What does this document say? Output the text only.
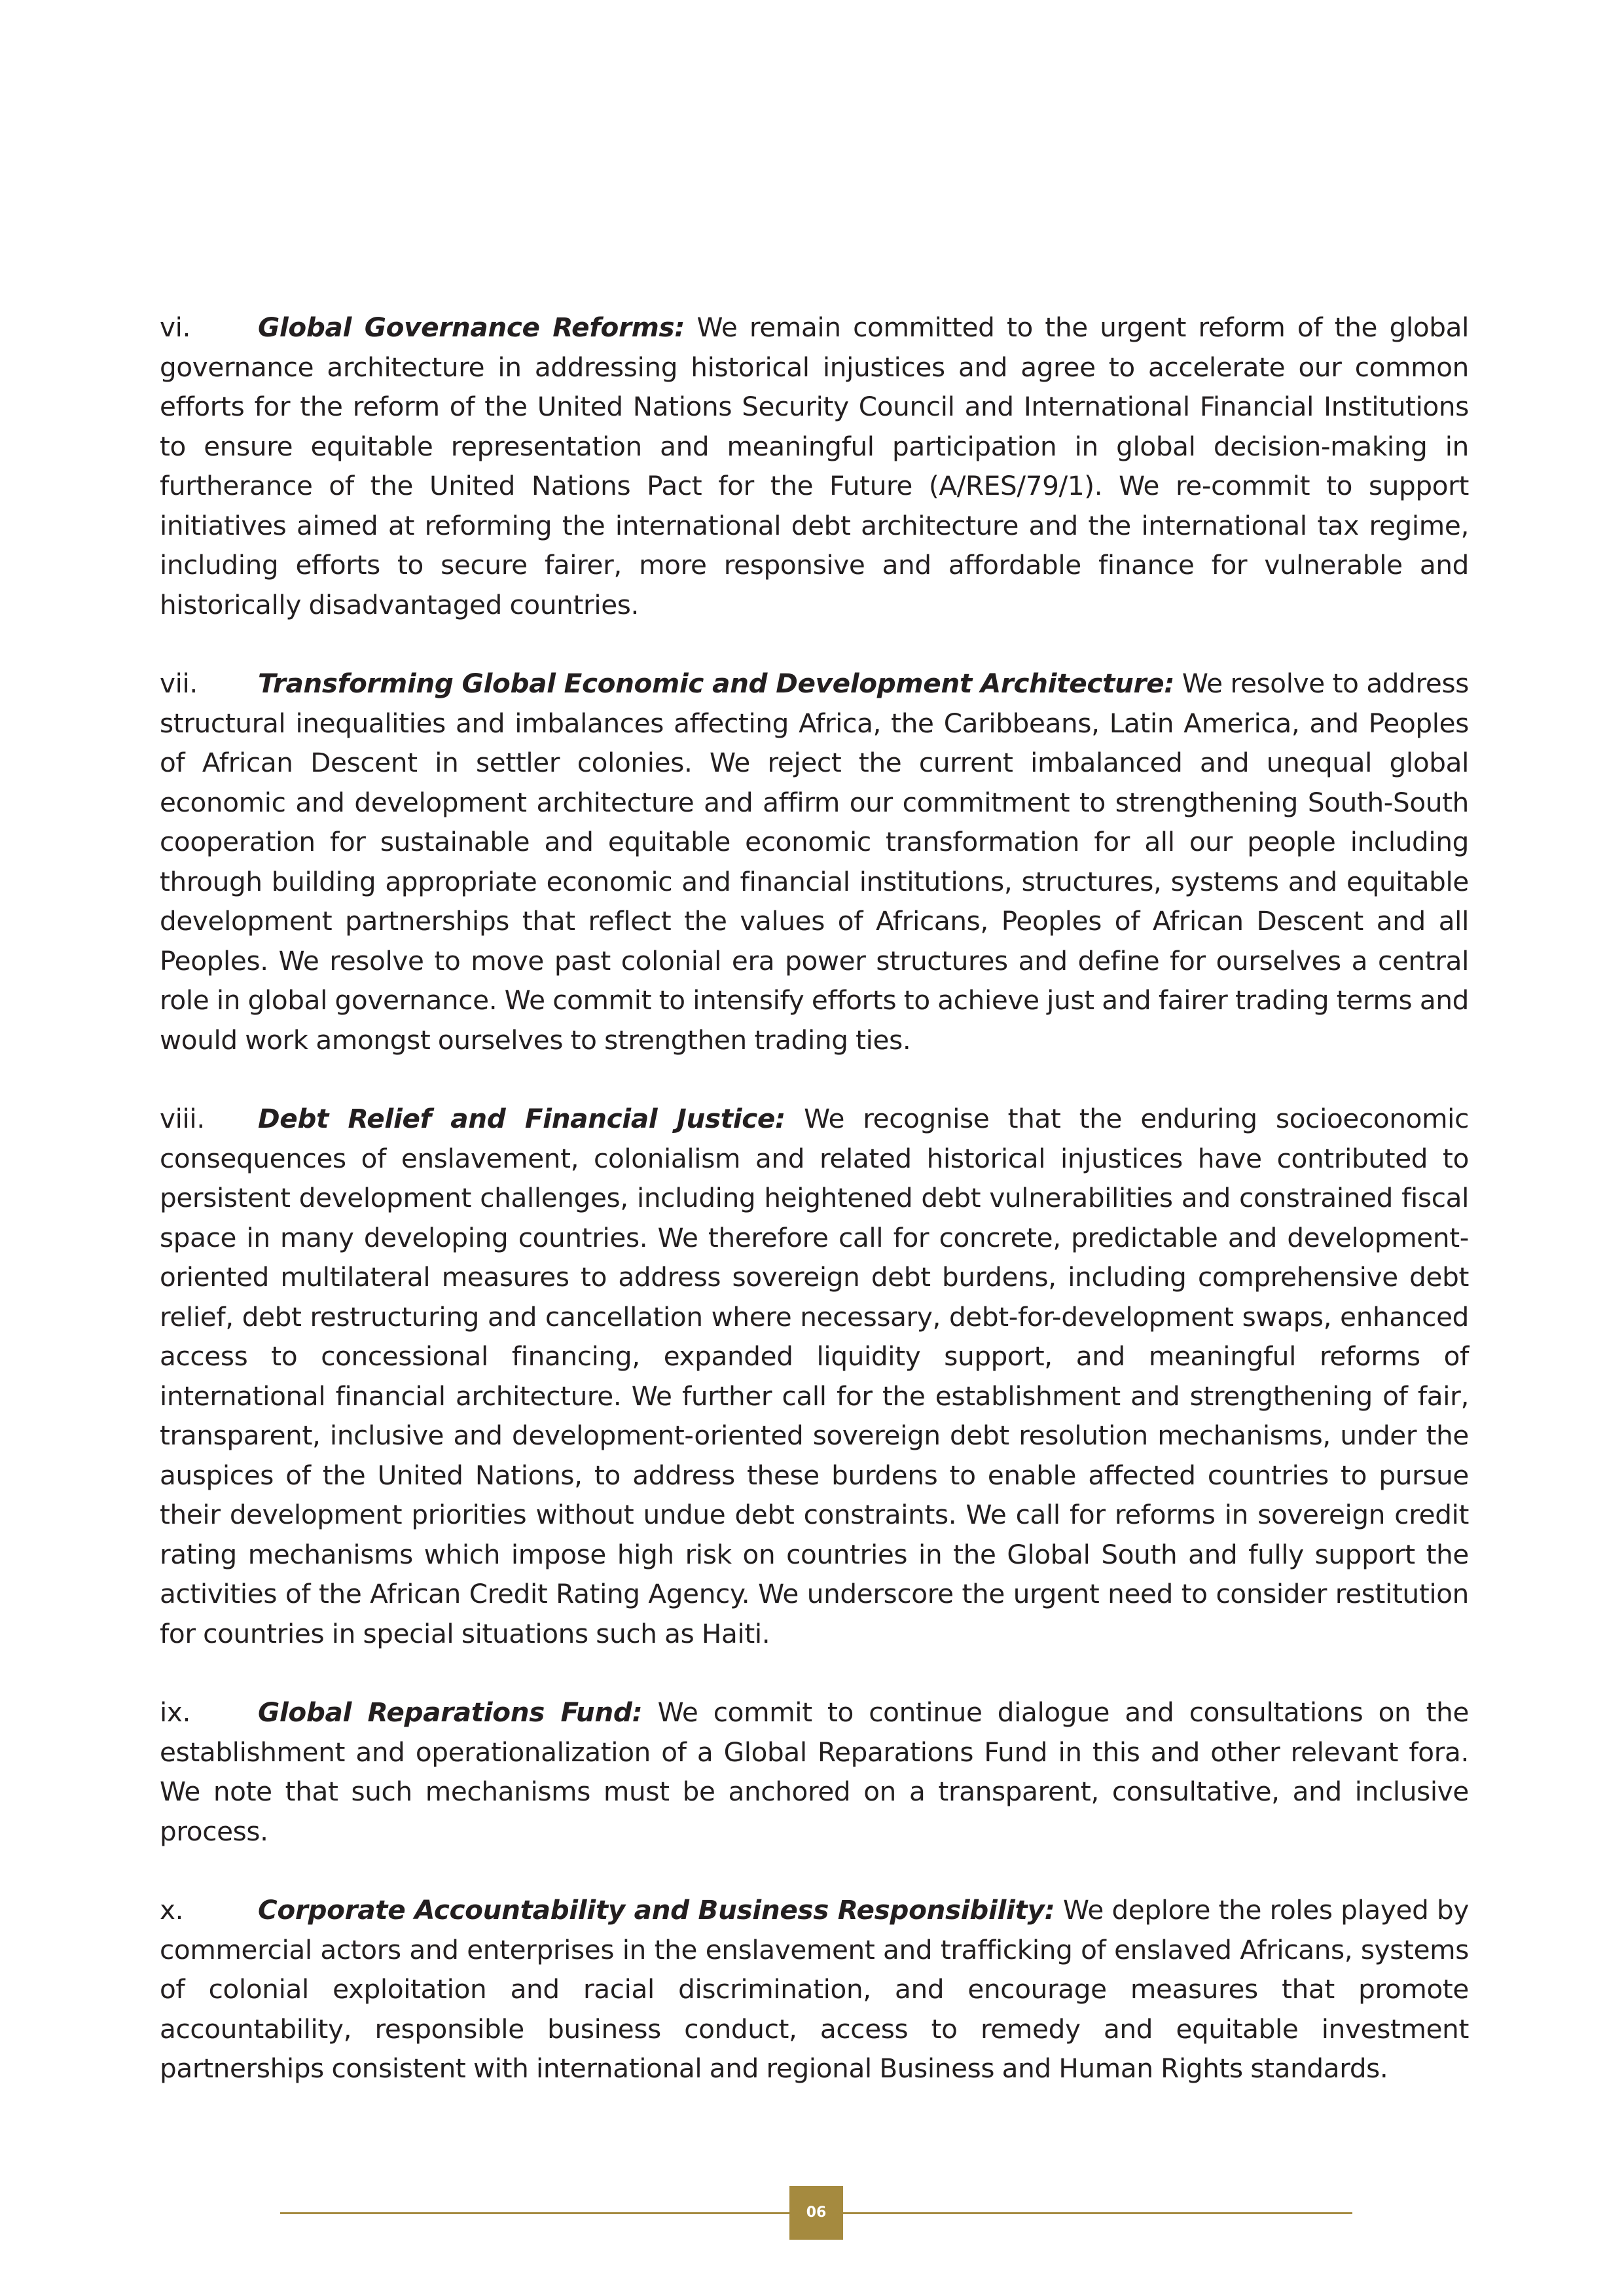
vi.	Global Governance Reforms: We remain committed to the urgent reform of the global governance architecture in addressing historical injustices and agree to accelerate our common efforts for the reform of the United Nations Security Council and International Financial Institutions to ensure equitable representation and meaningful participation in global decision-making in furtherance of the United Nations Pact for the Future (A/RES/79/1). We re-commit to support initiatives aimed at reforming the international debt architecture and the international tax regime, including efforts to secure fairer, more responsive and affordable finance for vulnerable and historically disadvantaged countries.

vii. Transforming Global Economic and Development Architecture: We resolve to address structural inequalities and imbalances affecting Africa, the Caribbeans, Latin America, and Peoples of African Descent in settler colonies. We reject the current imbalanced and unequal global economic and development architecture and affirm our commitment to strengthening South-South cooperation for sustainable and equitable economic transformation for all our people including through building appropriate economic and financial institutions, structures, systems and equitable development partnerships that reflect the values of Africans, Peoples of African Descent and all Peoples. We resolve to move past colonial era power structures and define for ourselves a central role in global governance. We commit to intensify efforts to achieve just and fairer trading terms and would work amongst ourselves to strengthen trading ties.

viii. Debt Relief and Financial Justice: We recognise that the enduring socioeconomic consequences of enslavement, colonialism and related historical injustices have contributed to persistent development challenges, including heightened debt vulnerabilities and constrained fiscal space in many developing countries. We therefore call for concrete, predictable and development-oriented multilateral measures to address sovereign debt burdens, including comprehensive debt relief, debt restructuring and cancellation where necessary, debt-for-development swaps, enhanced access to concessional financing, expanded liquidity support, and meaningful reforms of international financial architecture. We further call for the establishment and strengthening of fair, transparent, inclusive and development-oriented sovereign debt resolution mechanisms, under the auspices of the United Nations, to address these burdens to enable affected countries to pursue their development priorities without undue debt constraints. We call for reforms in sovereign credit rating mechanisms which impose high risk on countries in the Global South and fully support the activities of the African Credit Rating Agency. We underscore the urgent need to consider restitution for countries in special situations such as Haiti.

ix.	Global Reparations Fund: We commit to continue dialogue and consultations on the establishment and operationalization of a Global Reparations Fund in this and other relevant fora. We note that such mechanisms must be anchored on a transparent, consultative, and inclusive process.

x.	Corporate Accountability and Business Responsibility: We deplore the roles played by commercial actors and enterprises in the enslavement and trafficking of enslaved Africans, systems of colonial exploitation and racial discrimination, and encourage measures that promote accountability, responsible business conduct, access to remedy and equitable investment partnerships consistent with international and regional Business and Human Rights standards.

06
